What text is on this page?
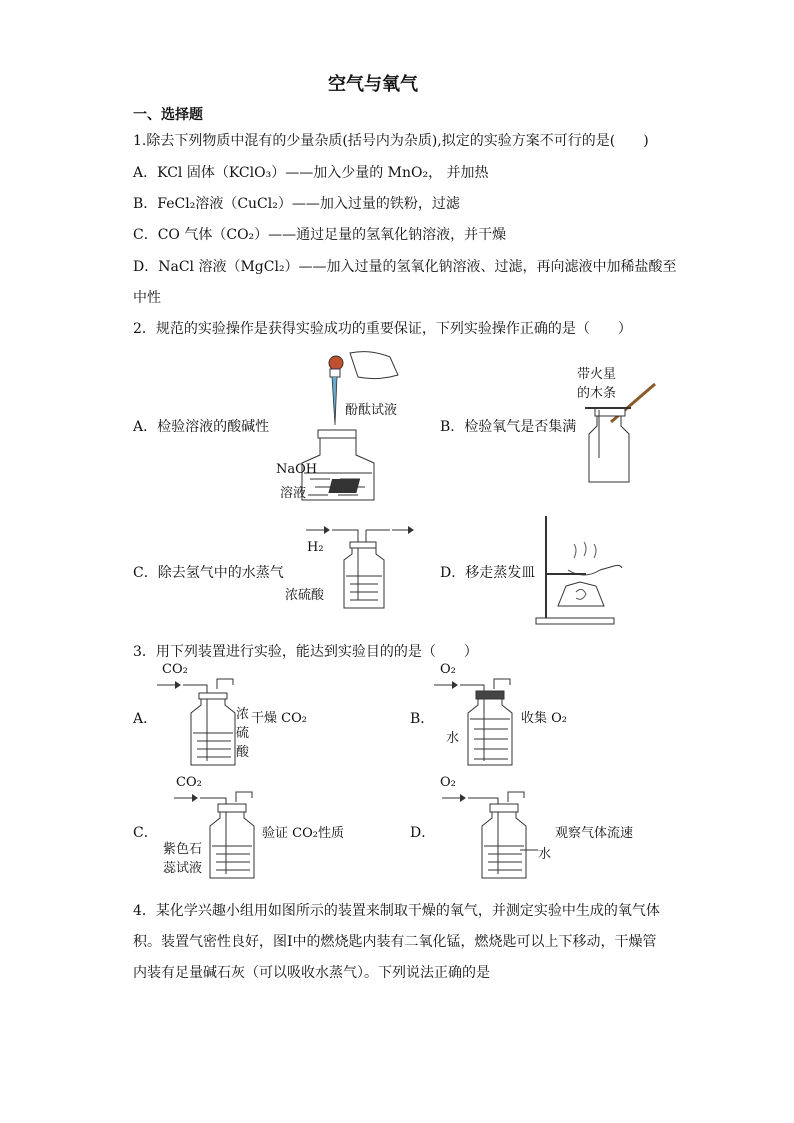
空气与氧气
一、选择题
1.除去下列物质中混有的少量杂质(括号内为杂质),拟定的实验方案不可行的是(　　)
A．KCl 固体（KClO₃）——加入少量的 MnO₂， 并加热
B．FeCl₂溶液（CuCl₂）——加入过量的铁粉，过滤
C．CO 气体（CO₂）——通过足量的氢氧化钠溶液，并干燥
D．NaCl 溶液（MgCl₂）——加入过量的氢氧化钠溶液、过滤，再向滤液中加稀盐酸至
中性
2．规范的实验操作是获得实验成功的重要保证，下列实验操作正确的是（　　）
A．检验溶液的酸碱性	B．检验氧气是否集满
C．除去氢气中的水蒸气	D．移走蒸发皿
酚酞试液
NaOH
溶液
带火星
的木条
H₂
浓硫酸
3．用下列装置进行实验，能达到实验目的的是（　　）
A．	B．
C．	D．
CO₂
浓
硫
酸
干燥 CO₂
O₂
水
收集 O₂
CO₂
紫色石
蕊试液
验证 CO₂性质
O₂
水
观察气体流速
4．某化学兴趣小组用如图所示的装置来制取干燥的氧气，并测定实验中生成的氧气体
积。装置气密性良好，图Ⅰ中的燃烧匙内装有二氧化锰，燃烧匙可以上下移动，干燥管
内装有足量碱石灰（可以吸收水蒸气）。下列说法正确的是
